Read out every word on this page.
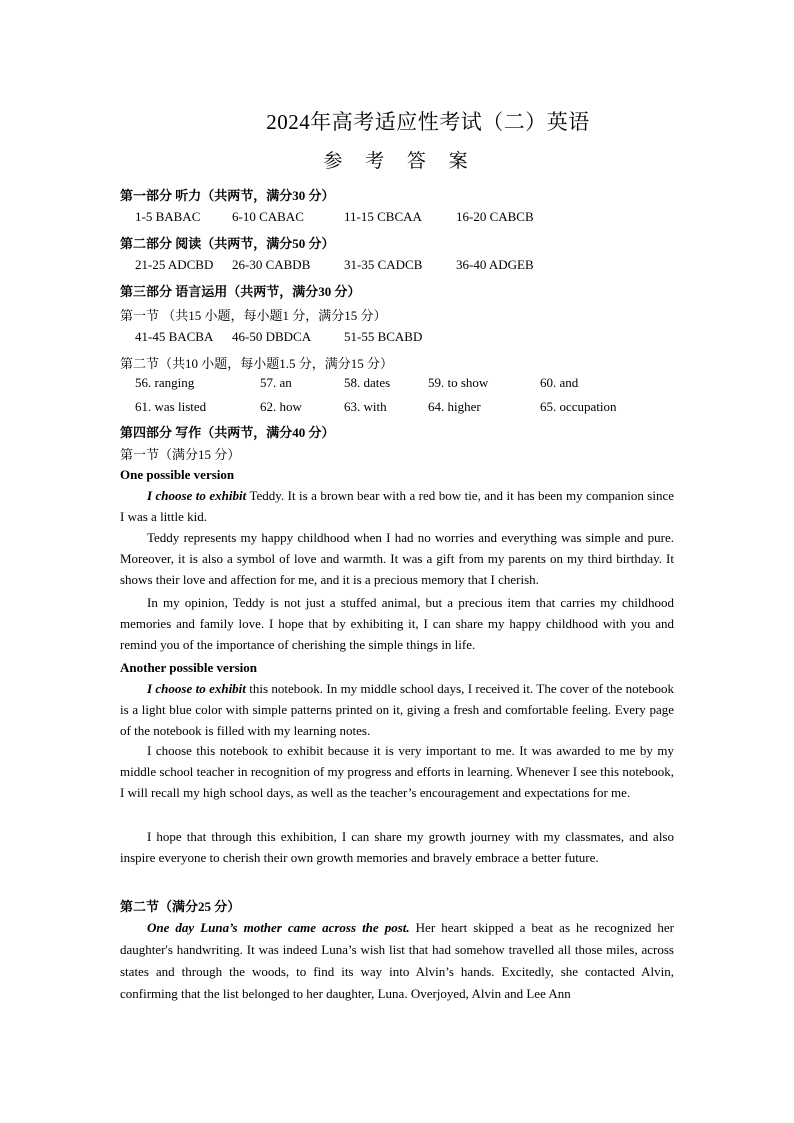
2024年高考适应性考试（二）英语
参 考 答 案
第一部分 听力（共两节，满分30 分）
1-5 BABAC 6-10 CABAC	11-15 CBCAA	16-20 CABCB
第二部分 阅读（共两节，满分50 分）
21-25 ADCBD 26-30 CABDB	31-35 CADCB	36-40 ADGEB
第三部分 语言运用（共两节，满分30 分）
第一节 （共15 小题，每小题1 分，满分15 分）
41-45 BACBA 46-50 DBDCA	51-55 BCABD
第二节（共10 小题，每小题1.5 分，满分15 分）
56. ranging	57. an	58. dates	59. to show	60. and
61. was listed	62. how	63. with	64. higher	65. occupation
第四部分 写作（共两节，满分40 分）
第一节（满分15 分）
One possible version
I choose to exhibit Teddy. It is a brown bear with a red bow tie, and it has been my companion since I was a little kid.
Teddy represents my happy childhood when I had no worries and everything was simple and pure. Moreover, it is also a symbol of love and warmth. It was a gift from my parents on my third birthday. It shows their love and affection for me, and it is a precious memory that I cherish.
In my opinion, Teddy is not just a stuffed animal, but a precious item that carries my childhood memories and family love. I hope that by exhibiting it, I can share my happy childhood with you and remind you of the importance of cherishing the simple things in life.
Another possible version
I choose to exhibit this notebook. In my middle school days, I received it. The cover of the notebook is a light blue color with simple patterns printed on it, giving a fresh and comfortable feeling. Every page of the notebook is filled with my learning notes.
I choose this notebook to exhibit because it is very important to me. It was awarded to me by my middle school teacher in recognition of my progress and efforts in learning. Whenever I see this notebook, I will recall my high school days, as well as the teacher’s encouragement and expectations for me.
I hope that through this exhibition, I can share my growth journey with my classmates, and also inspire everyone to cherish their own growth memories and bravely embrace a better future.
第二节（满分25 分）
One day Luna’s mother came across the post. Her heart skipped a beat as he recognized her daughter's handwriting. It was indeed Luna’s wish list that had somehow travelled all those miles, across states and through the woods, to find its way into Alvin’s hands. Excitedly, she contacted Alvin, confirming that the list belonged to her daughter, Luna. Overjoyed, Alvin and Lee Ann
